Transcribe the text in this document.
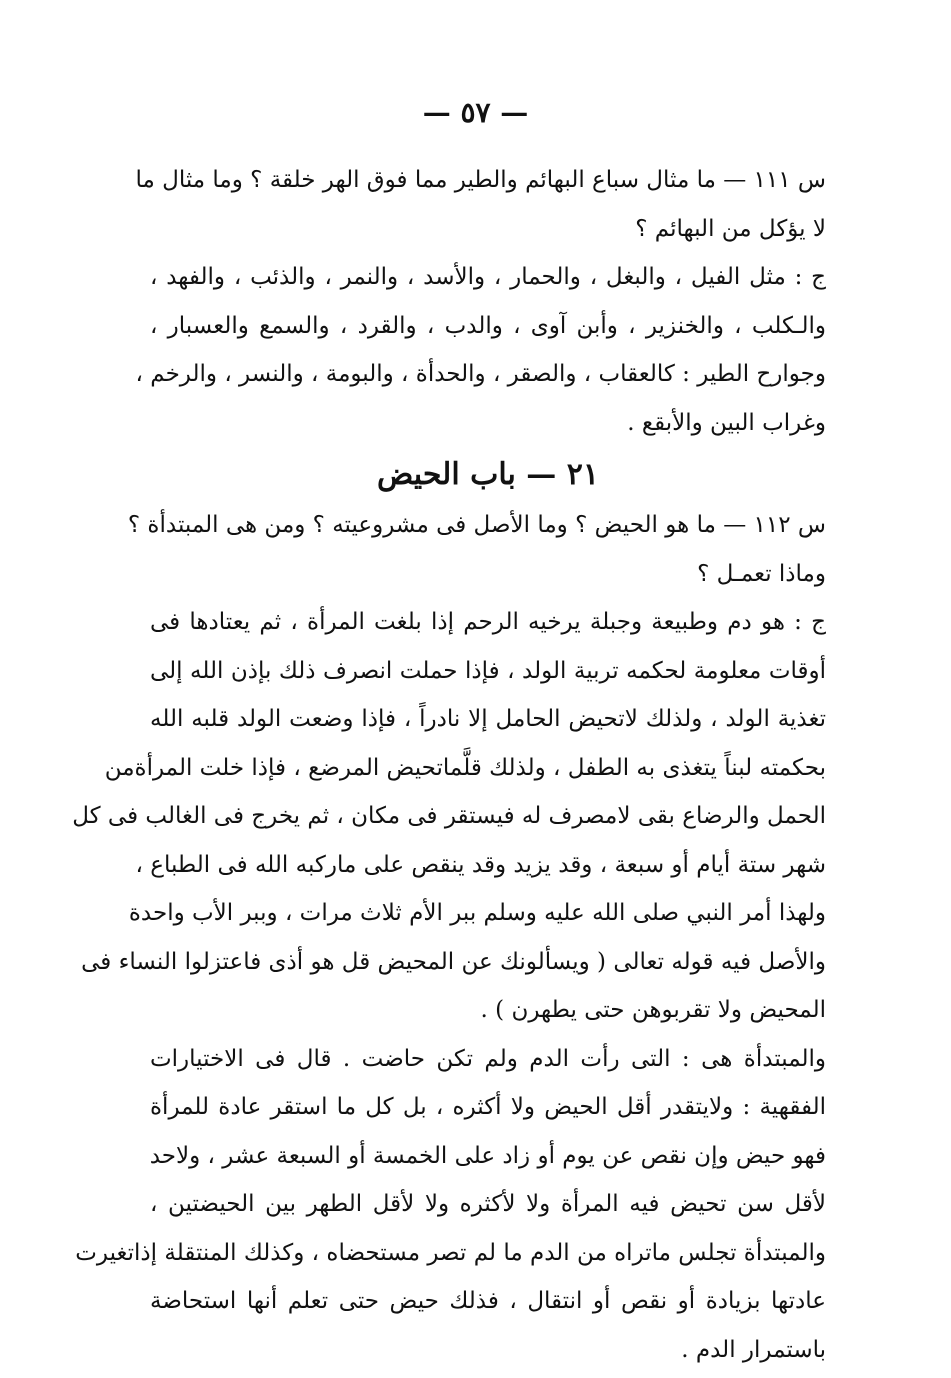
— ٥٧ —
س ١١١ — ما مثال سباع البهائم والطير مما فوق الهر خلقة ؟ وما مثال ما
لا يؤكل من البهائم ؟
ج : مثل الفيل ، والبغل ، والحمار ، والأسد ، والنمر ، والذئب ، والفهد ،
والـكلب ، والخنزير ، وأبن آوى ، والدب ، والقرد ، والسمع والعسبار ،
وجوارح الطير : كالعقاب ، والصقر ، والحدأة ، والبومة ، والنسر ، والرخم ،
وغراب البين والأبقع .
٢١ — باب الحيض
س ١١٢ — ما هو الحيض ؟ وما الأصل فى مشروعيته ؟ ومن هى المبتدأة ؟
وماذا تعمـل ؟
ج : هو دم وطبيعة وجبلة يرخيه الرحم إذا بلغت المرأة ، ثم يعتادها فى
أوقات معلومة لحكمه تربية الولد ، فإذا حملت انصرف ذلك بإذن الله إلى
تغذية الولد ، ولذلك لاتحيض الحامل إلا نادراً ، فإذا وضعت الولد قلبه الله
بحكمته لبناً يتغذى به الطفل ، ولذلك قلَّماتحيض المرضع ، فإذا خلت المرأةمن
الحمل والرضاع بقى لامصرف له فيستقر فى مكان ، ثم يخرج فى الغالب فى كل
شهر ستة أيام أو سبعة ، وقد يزيد وقد ينقص على ماركبه الله فى الطباع ،
ولهذا أمر النبي صلى الله عليه وسلم ببر الأم ثلاث مرات ، وببر الأب واحدة
والأصل فيه قوله تعالى ( ويسألونك عن المحيض قل هو أذى فاعتزلوا النساء فى
المحيض ولا تقربوهن حتى يطهرن ) .
والمبتدأة هى : التى رأت الدم ولم تكن حاضت . قال فى الاختيارات
الفقهية : ولايتقدر أقل الحيض ولا أكثره ، بل كل ما استقر عادة للمرأة
فهو حيض وإن نقص عن يوم أو زاد على الخمسة أو السبعة عشر ، ولاحد
لأقل سن تحيض فيه المرأة ولا لأكثره ولا لأقل الطهر بين الحيضتين ،
والمبتدأة تجلس ماتراه من الدم ما لم تصر مستحضاه ، وكذلك المنتقلة إذاتغيرت
عادتها بزيادة أو نقص أو انتقال ، فذلك حيض حتى تعلم أنها استحاضة
باستمرار الدم .
